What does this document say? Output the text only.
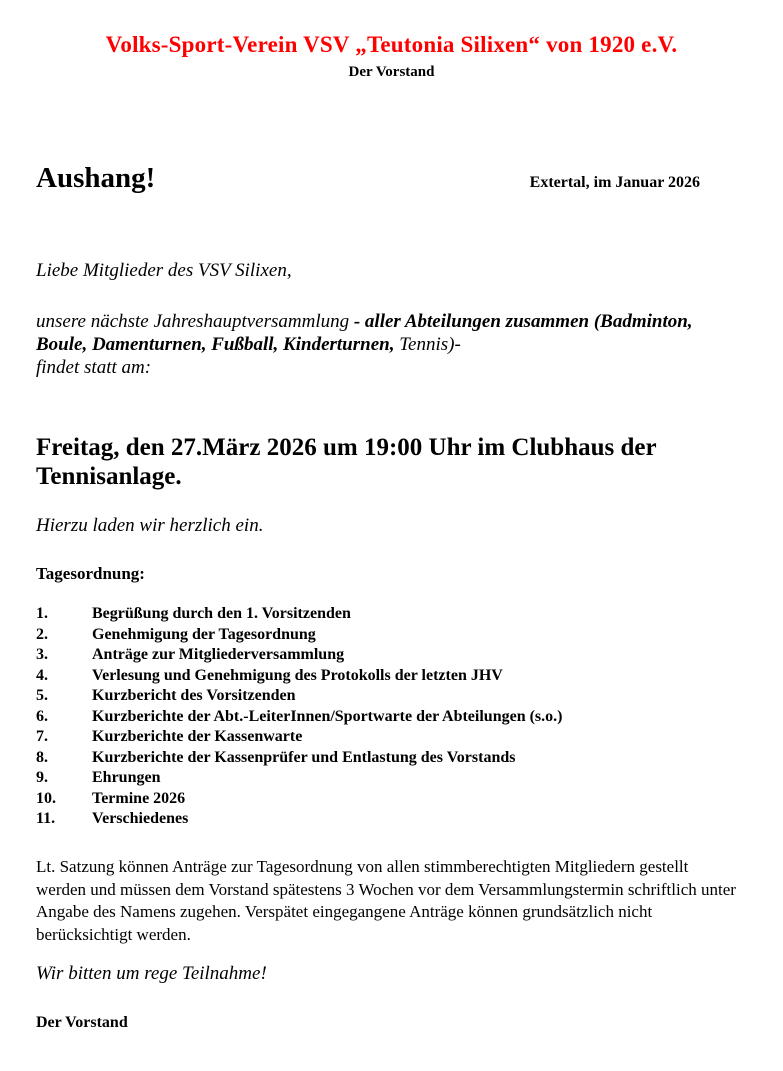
Volks-Sport-Verein VSV „Teutonia Silixen“ von 1920 e.V.
Der Vorstand
Aushang!	Extertal, im Januar 2026
Liebe Mitglieder des VSV Silixen,
unsere nächste Jahreshauptversammlung - aller Abteilungen zusammen (Badminton, Boule, Damenturnen, Fußball, Kinderturnen, Tennis)-
findet statt am:
Freitag, den 27.März 2026 um 19:00 Uhr im Clubhaus der Tennisanlage.
Hierzu laden wir herzlich ein.
Tagesordnung:
1.	Begrüßung durch den 1. Vorsitzenden
2.	Genehmigung der Tagesordnung
3.	Anträge zur Mitgliederversammlung
4.	Verlesung und Genehmigung des Protokolls der letzten JHV
5.	Kurzbericht des Vorsitzenden
6.	Kurzberichte der Abt.-LeiterInnen/Sportwarte der Abteilungen (s.o.)
7.	Kurzberichte der Kassenwarte
8.	Kurzberichte der Kassenprüfer und Entlastung des Vorstands
9.	Ehrungen
10.	Termine 2026
11.	Verschiedenes
Lt. Satzung können Anträge zur Tagesordnung von allen stimmberechtigten Mitgliedern gestellt werden und müssen dem Vorstand spätestens 3 Wochen vor dem Versammlungstermin schriftlich unter Angabe des Namens zugehen. Verspätet eingegangene Anträge können grundsätzlich nicht berücksichtigt werden.
Wir bitten um rege Teilnahme!
Der Vorstand
